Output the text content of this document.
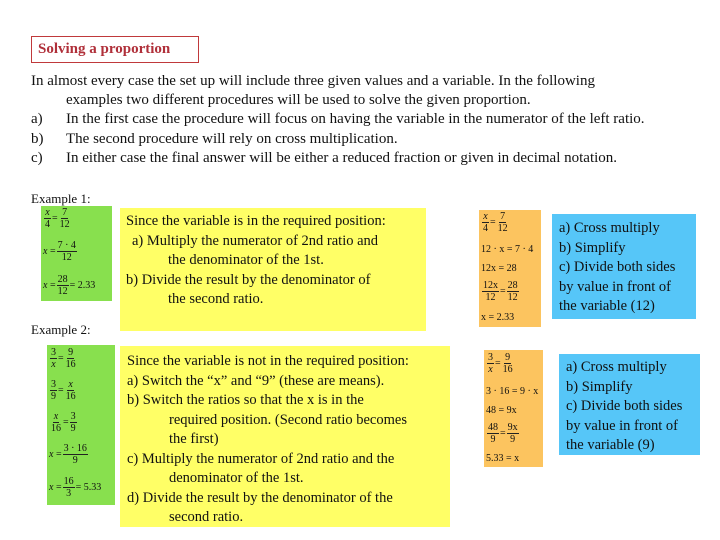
Solving a proportion
In almost every case the set up will include three given values and a variable. In the following
examples two different procedures will be used to solve the given proportion.
a) In the first case the procedure will focus on having the variable in the numerator of the left ratio.
b) The second procedure will rely on cross multiplication.
c) In either case the final answer will be either a reduced fraction or given in decimal notation.
Example 1:
$\frac{x}{4} = \frac{7}{12}$
$x = \frac{7 \cdot 4}{12}$
$x = \frac{28}{12} = 2.33$
Since the variable is in the required position:
a) Multiply the numerator of 2nd ratio and
the denominator of the 1st.
b) Divide the result by the denominator of
the second ratio.
$\frac{x}{4} = \frac{7}{12}$
12 · x = 7 · 4
12x = 28
$\frac{12x}{12} = \frac{28}{12}$
x = 2.33
a) Cross multiply
b) Simplify
c) Divide both sides
by value in front of
the variable (12)
Example 2:
$\frac{3}{x} = \frac{9}{16}$
$\frac{3}{9} = \frac{x}{16}$
$\frac{x}{16} = \frac{3}{9}$
$x = \frac{3 \cdot 16}{9}$
$x = \frac{16}{3} = 5.33$
Since the variable is not in the required position:
a) Switch the “x” and “9” (these are means).
b) Switch the ratios so that the x is in the
required position. (Second ratio becomes
the first)
c) Multiply the numerator of 2nd ratio and the
denominator of the 1st.
d) Divide the result by the denominator of the
second ratio.
$\frac{3}{x} = \frac{9}{16}$
3 · 16 = 9 · x
48 = 9x
$\frac{48}{9} = \frac{9x}{9}$
5.33 = x
a) Cross multiply
b) Simplify
c) Divide both sides
by value in front of
the variable (9)
